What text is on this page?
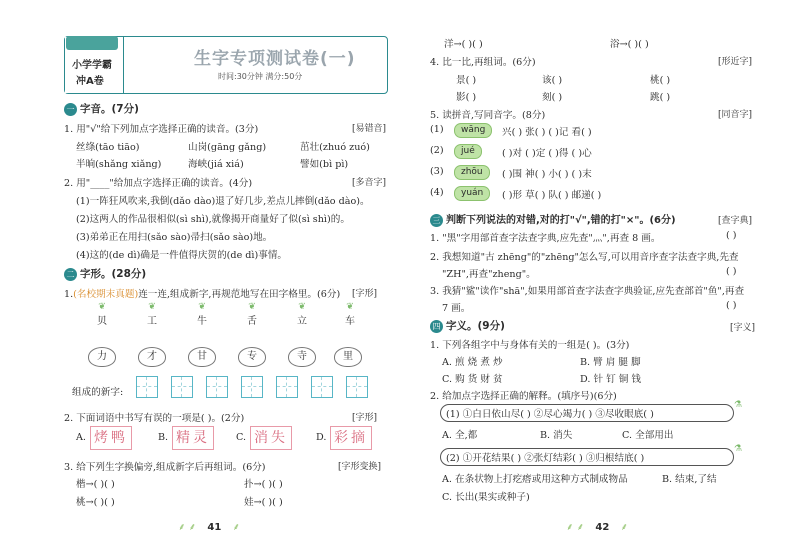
小学学霸
冲A卷
生字专项测试卷(一)
时间:30分钟 满分:50分
一 字音。(7分)
1. 用"√"给下列加点字选择正确的读音。(3分)	[易错音]
丝绦(tāo tiāo)	山岗(gāng gǎng)	茁壮(zhuó zuó)
半晌(shǎng xiǎng)	海峡(jiá xiá)	譬如(bì pì)
2. 用"____"给加点字选择正确的读音。(4分)	[多音字]
(1)一阵狂风吹来,我倒(dǎo dào)退了好几步,差点儿摔倒(dǎo dào)。
(2)这两人的作品很相似(sì shì),就像揭开商量好了似(sì shì)的。
(3)弟弟正在用扫(sǎo sào)帚扫(sǎo sào)地。
(4)这的(de dì)确是一件值得庆贺的(de dì)事情。
二 字形。(28分)
1.(名校期末真题)连一连,组成新字,再规范地写在田字格里。(6分) [字形]
❦
贝
❦
工
❦
牛
❦
舌
❦
立
❦
车
力	才	甘	专	寺	里
组成的新字:
2. 下面词语中书写有误的一项是( )。(2分)	[字形]
A. 烤鸭	B. 精灵	C. 消失	D. 彩摘
3. 给下列生字换偏旁,组成新字后再组词。(6分)	[字形变换]
楷→( )( )	扑→( )( )
桃→( )( )	娃→( )( )
⸙ ⸙ 41 ⸙
洋→( )( )	浴→( )( )
4. 比一比,再组词。(6分)	[形近字]
景( )	该( )	桃( )
影( )	刻( )	跳( )
5. 读拼音,写同音字。(8分)	[同音字]
(1)	wāng	兴( ) 张( ) ( )记 看( )
(2)	jué	( )对 ( )定 ( )得 ( )心
(3)	zhōu	( )围 神( ) 小( ) ( )末
(4)	yuán	( )形 草( ) 队( ) 邮递( )
三 判断下列说法的对错,对的打"√",错的打"×"。(6分)	[查字典]
1. "黑"字用部首查字法查字典,应先查"灬",再查 8 画。	( )
2. 我想知道"古 zhēng"的"zhēng"怎么写,可以用音序查字法查字典,先查
"ZH",再查"zheng"。	( )
3. 我猜"鲨"读作"shā",如果用部首查字法查字典验证,应先查部首"鱼",再查
7 画。	( )
四 字义。(9分)	[字义]
1. 下列各组字中与身体有关的一组是( )。(3分)
A. 煎 烧 煮 炒	B. 臂 肩 腿 脚
C. 购 货 财 贫	D. 针 钉 铜 钱
2. 给加点字选择正确的解释。(填序号)(6分)
(1) ①白日依山尽( ) ②尽心竭力( ) ③尽收眼底( )
⚗
A. 全,都	B. 消失	C. 全部用出
(2) ①开花结果( ) ②张灯结彩( ) ③归根结底( )
⚗
A. 在条状物上打疙瘩或用这种方式制成物品	B. 结束,了结
C. 长出(果实或种子)
⸙ ⸙ 42 ⸙
